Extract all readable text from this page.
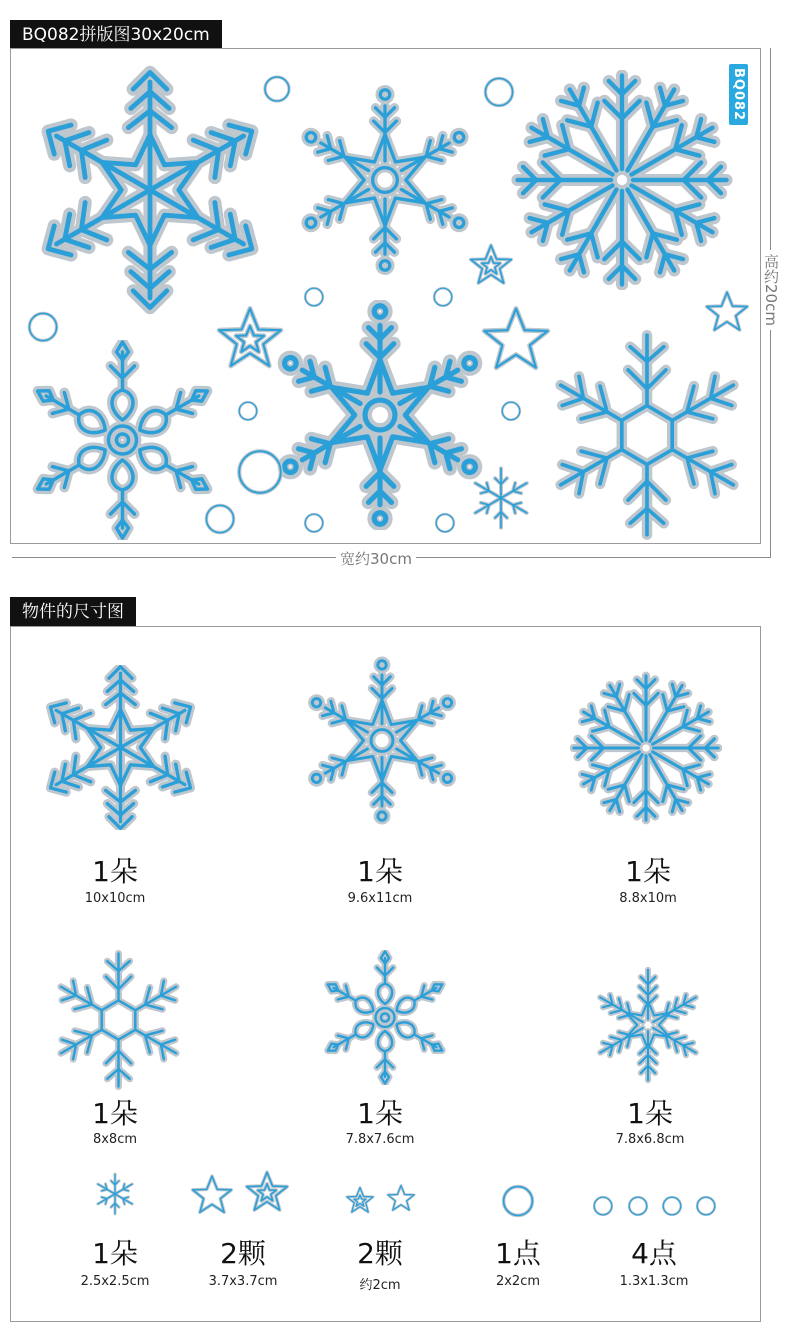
BQ082拼版图30x20cm
BQ082
宽约30cm
高约20cm
物件的尺寸图
1朵
10x10cm
1朵
9.6x11cm
1朵
8.8x10m
1朵
8x8cm
1朵
7.8x7.6cm
1朵
7.8x6.8cm
1朵
2.5x2.5cm
2颗
3.7x3.7cm
2颗
约2cm
1点
2x2cm
4点
1.3x1.3cm
